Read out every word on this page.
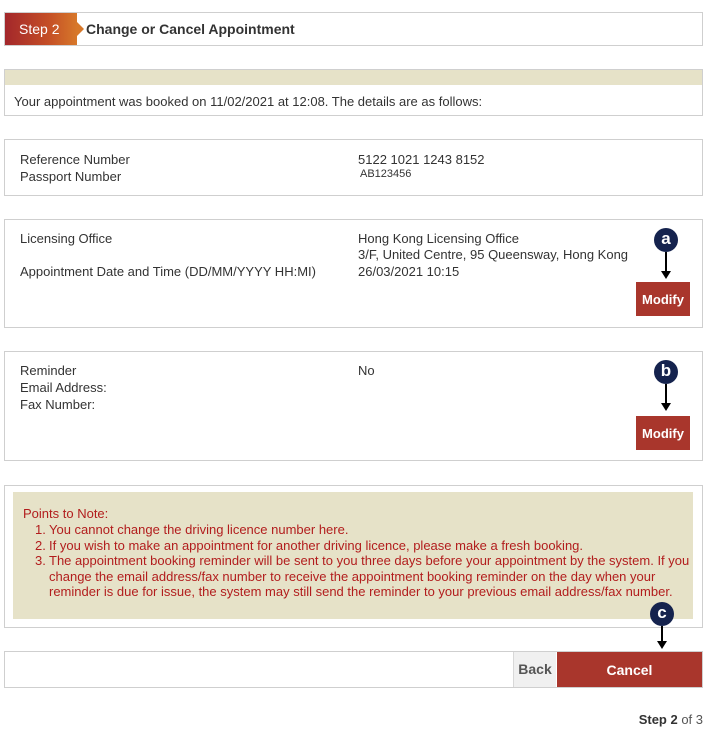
Step 2	Change or Cancel Appointment
Your appointment was booked on 11/02/2021 at 12:08. The details are as follows:
Reference Number	5122 1021 1243 8152
Passport Number	AB123456
Licensing Office	Hong Kong Licensing Office
3/F, United Centre, 95 Queensway, Hong Kong
Appointment Date and Time (DD/MM/YYYY HH:MI)	26/03/2021 10:15
a
Modify
Reminder	No
Email Address:
Fax Number:
b
Modify
Points to Note:
1. You cannot change the driving licence number here.
2. If you wish to make an appointment for another driving licence, please make a fresh booking.
3. The appointment booking reminder will be sent to you three days before your appointment by the system. If you change the email address/fax number to receive the appointment booking reminder on the day when your reminder is due for issue, the system may still send the reminder to your previous email address/fax number.
c
Back	Cancel Appointment
Step 2 of 3
